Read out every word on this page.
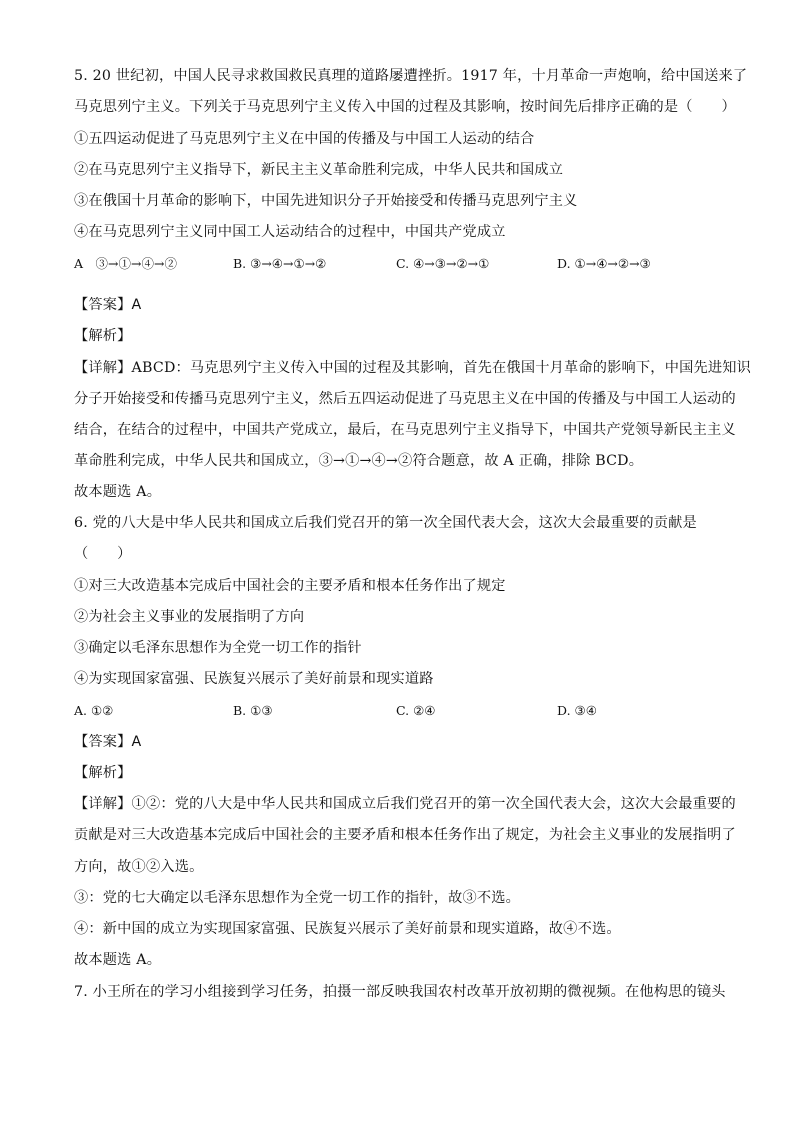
5. 20 世纪初，中国人民寻求救国救民真理的道路屡遭挫折。1917 年，十月革命一声炮响，给中国送来了
马克思列宁主义。下列关于马克思列宁主义传入中国的过程及其影响，按时间先后排序正确的是（　　）
①五四运动促进了马克思列宁主义在中国的传播及与中国工人运动的结合
②在马克思列宁主义指导下，新民主主义革命胜利完成，中华人民共和国成立
③在俄国十月革命的影响下，中国先进知识分子开始接受和传播马克思列宁主义
④在马克思列宁主义同中国工人运动结合的过程中，中国共产党成立
A　③→①→④→②	B. ③→④→①→②	C. ④→③→②→①	D. ①→④→②→③
【答案】A
【解析】
【详解】ABCD：马克思列宁主义传入中国的过程及其影响，首先在俄国十月革命的影响下，中国先进知识
分子开始接受和传播马克思列宁主义，然后五四运动促进了马克思主义在中国的传播及与中国工人运动的
结合，在结合的过程中，中国共产党成立，最后，在马克思列宁主义指导下，中国共产党领导新民主主义
革命胜利完成，中华人民共和国成立，③→①→④→②符合题意，故 A 正确，排除 BCD。
故本题选 A。
6. 党的八大是中华人民共和国成立后我们党召开的第一次全国代表大会，这次大会最重要的贡献是
（　　）
①对三大改造基本完成后中国社会的主要矛盾和根本任务作出了规定
②为社会主义事业的发展指明了方向
③确定以毛泽东思想作为全党一切工作的指针
④为实现国家富强、民族复兴展示了美好前景和现实道路
A. ①②	B. ①③	C. ②④	D. ③④
【答案】A
【解析】
【详解】①②：党的八大是中华人民共和国成立后我们党召开的第一次全国代表大会，这次大会最重要的
贡献是对三大改造基本完成后中国社会的主要矛盾和根本任务作出了规定，为社会主义事业的发展指明了
方向，故①②入选。
③：党的七大确定以毛泽东思想作为全党一切工作的指针，故③不选。
④：新中国的成立为实现国家富强、民族复兴展示了美好前景和现实道路，故④不选。
故本题选 A。
7. 小王所在的学习小组接到学习任务，拍摄一部反映我国农村改革开放初期的微视频。在他构思的镜头
